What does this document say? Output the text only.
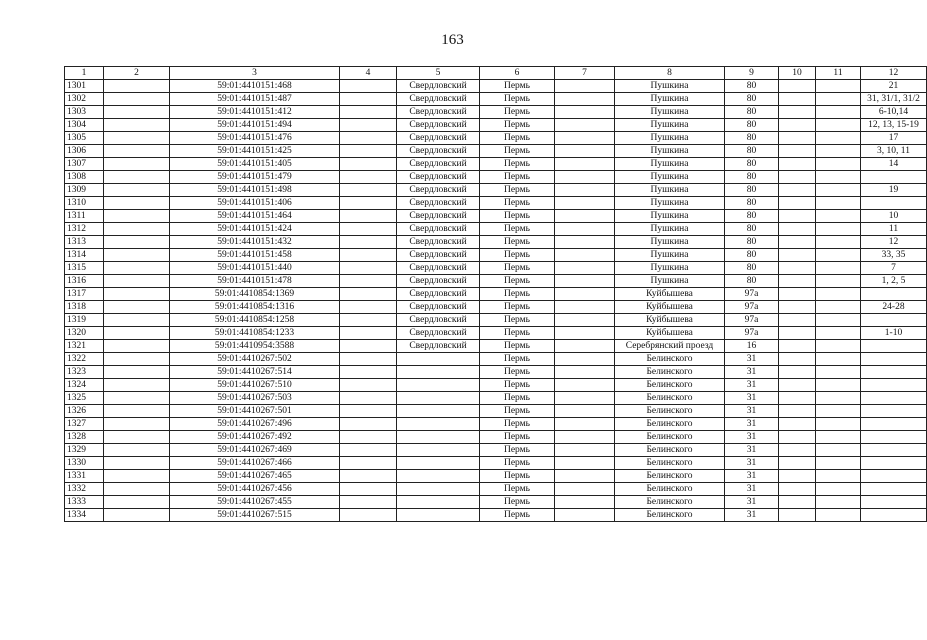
163
1	2	3	4	5	6	7	8	9	10	11	12
1301		59:01:4410151:468		Свердловский	Пермь		Пушкина	80			21
1302		59:01:4410151:487		Свердловский	Пермь		Пушкина	80			31, 31/1, 31/2
1303		59:01:4410151:412		Свердловский	Пермь		Пушкина	80			6-10,14
1304		59:01:4410151:494		Свердловский	Пермь		Пушкина	80			12, 13, 15-19
1305		59:01:4410151:476		Свердловский	Пермь		Пушкина	80			17
1306		59:01:4410151:425		Свердловский	Пермь		Пушкина	80			3, 10, 11
1307		59:01:4410151:405		Свердловский	Пермь		Пушкина	80			14
1308		59:01:4410151:479		Свердловский	Пермь		Пушкина	80			
1309		59:01:4410151:498		Свердловский	Пермь		Пушкина	80			19
1310		59:01:4410151:406		Свердловский	Пермь		Пушкина	80			
1311		59:01:4410151:464		Свердловский	Пермь		Пушкина	80			10
1312		59:01:4410151:424		Свердловский	Пермь		Пушкина	80			11
1313		59:01:4410151:432		Свердловский	Пермь		Пушкина	80			12
1314		59:01:4410151:458		Свердловский	Пермь		Пушкина	80			33, 35
1315		59:01:4410151:440		Свердловский	Пермь		Пушкина	80			7
1316		59:01:4410151:478		Свердловский	Пермь		Пушкина	80			1, 2, 5
1317		59:01:4410854:1369		Свердловский	Пермь		Куйбышева	97а			
1318		59:01:4410854:1316		Свердловский	Пермь		Куйбышева	97а			24-28
1319		59:01:4410854:1258		Свердловский	Пермь		Куйбышева	97а			
1320		59:01:4410854:1233		Свердловский	Пермь		Куйбышева	97а			1-10
1321		59:01:4410954:3588		Свердловский	Пермь		Серебрянский проезд	16			
1322		59:01:4410267:502			Пермь		Белинского	31			
1323		59:01:4410267:514			Пермь		Белинского	31			
1324		59:01:4410267:510			Пермь		Белинского	31			
1325		59:01:4410267:503			Пермь		Белинского	31			
1326		59:01:4410267:501			Пермь		Белинского	31			
1327		59:01:4410267:496			Пермь		Белинского	31			
1328		59:01:4410267:492			Пермь		Белинского	31			
1329		59:01:4410267:469			Пермь		Белинского	31			
1330		59:01:4410267:466			Пермь		Белинского	31			
1331		59:01:4410267:465			Пермь		Белинского	31			
1332		59:01:4410267:456			Пермь		Белинского	31			
1333		59:01:4410267:455			Пермь		Белинского	31			
1334		59:01:4410267:515			Пермь		Белинского	31			
